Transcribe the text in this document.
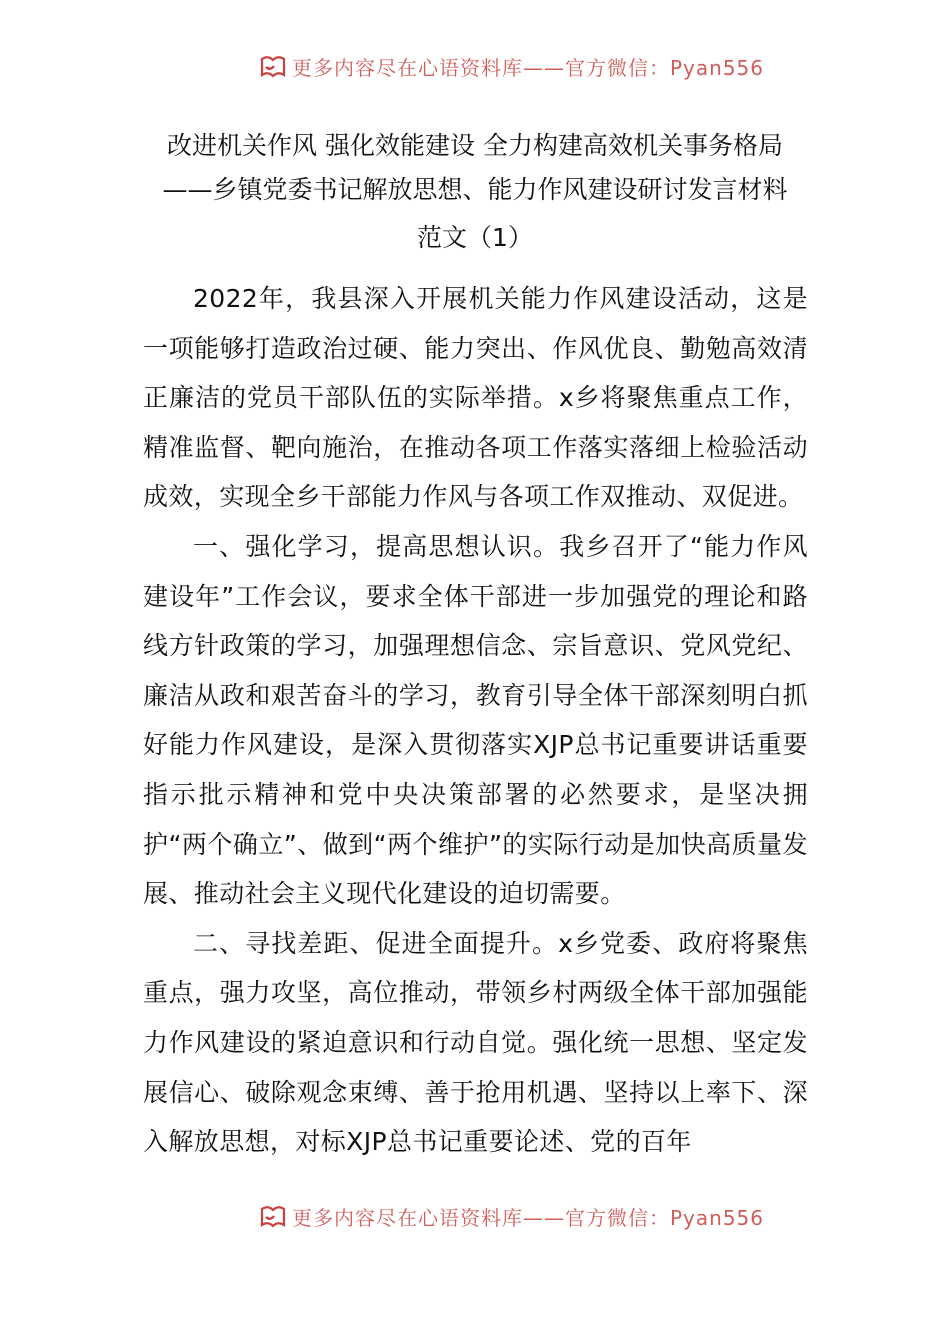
更多内容尽在心语资料库——官方微信：Pyan556
改进机关作风 强化效能建设 全力构建高效机关事务格局
——乡镇党委书记解放思想、能力作风建设研讨发言材料
范文（1）

2022年，我县深入开展机关能力作风建设活动，这是一项能够打造政治过硬、能力突出、作风优良、勤勉高效清正廉洁的党员干部队伍的实际举措。x乡将聚焦重点工作，精准监督、靶向施治，在推动各项工作落实落细上检验活动成效，实现全乡干部能力作风与各项工作双推动、双促进。

一、强化学习，提高思想认识。我乡召开了“能力作风建设年”工作会议，要求全体干部进一步加强党的理论和路线方针政策的学习，加强理想信念、宗旨意识、党风党纪、廉洁从政和艰苦奋斗的学习，教育引导全体干部深刻明白抓好能力作风建设，是深入贯彻落实XJP总书记重要讲话重要指示批示精神和党中央决策部署的必然要求，是坚决拥护“两个确立”、做到“两个维护”的实际行动是加快高质量发展、推动社会主义现代化建设的迫切需要。

二、寻找差距、促进全面提升。x乡党委、政府将聚焦重点，强力攻坚，高位推动，带领乡村两级全体干部加强能力作风建设的紧迫意识和行动自觉。强化统一思想、坚定发展信心、破除观念束缚、善于抢用机遇、坚持以上率下、深入解放思想，对标XJP总书记重要论述、党的百年

更多内容尽在心语资料库——官方微信：Pyan556
